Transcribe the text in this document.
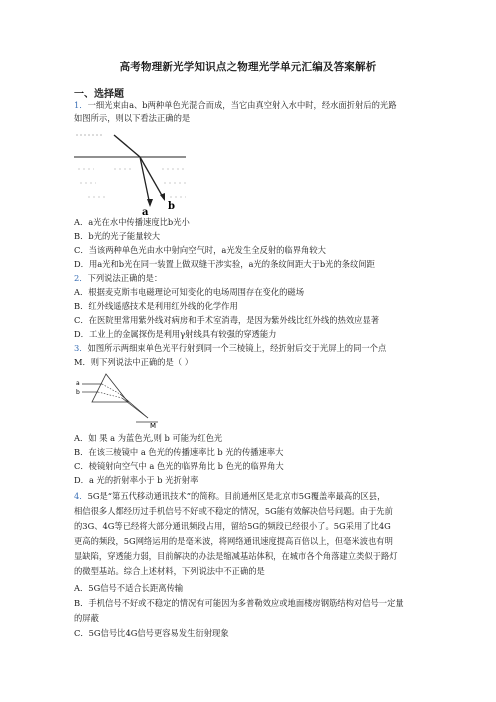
高考物理新光学知识点之物理光学单元汇编及答案解析
一、选择题
1．一细光束由a、b两种单色光混合而成，当它由真空射入水中时，经水面折射后的光路
如图所示，则以下看法正确的是
a
b
A．a光在水中传播速度比b光小
B．b光的光子能量较大
C．当该两种单色光由水中射向空气时，a光发生全反射的临界角较大
D．用a光和b光在同一装置上做双缝干涉实验，a光的条纹间距大于b光的条纹间距
2．下列说法正确的是：
A．根据麦克斯韦电磁理论可知变化的电场周围存在变化的磁场
B．红外线遥感技术是利用红外线的化学作用
C．在医院里常用紫外线对病房和手术室消毒，是因为紫外线比红外线的热效应显著
D．工业上的金属探伤是利用γ射线具有较强的穿透能力
3．如图所示两细束单色光平行射到同一个三棱镜上，经折射后交于光屏上的同一个点
M．则下列说法中正确的是（ ）
a
b
M
A．如 果 a 为蓝色光,则 b 可能为红色光
B．在该三棱镜中 a 色光的传播速率比 b 光的传播速率大
C．棱镜射向空气中 a 色光的临界角比 b 色光的临界角大
D．a 光的折射率小于 b 光折射率
4．5G是“第五代移动通讯技术”的简称。目前通州区是北京市5G覆盖率最高的区县，
相信很多人都经历过手机信号不好或不稳定的情况，5G能有效解决信号问题。由于先前
的3G、4G等已经将大部分通讯频段占用，留给5G的频段已经很小了。5G采用了比4G
更高的频段，5G网络运用的是毫米波，将网络通讯速度提高百倍以上，但毫米波也有明
显缺陷，穿透能力弱，目前解决的办法是缩减基站体积，在城市各个角落建立类似于路灯
的微型基站。综合上述材料，下列说法中不正确的是
A．5G信号不适合长距离传输
B．手机信号不好或不稳定的情况有可能因为多普勒效应或地面楼房钢筋结构对信号一定量
的屏蔽
C．5G信号比4G信号更容易发生衍射现象
